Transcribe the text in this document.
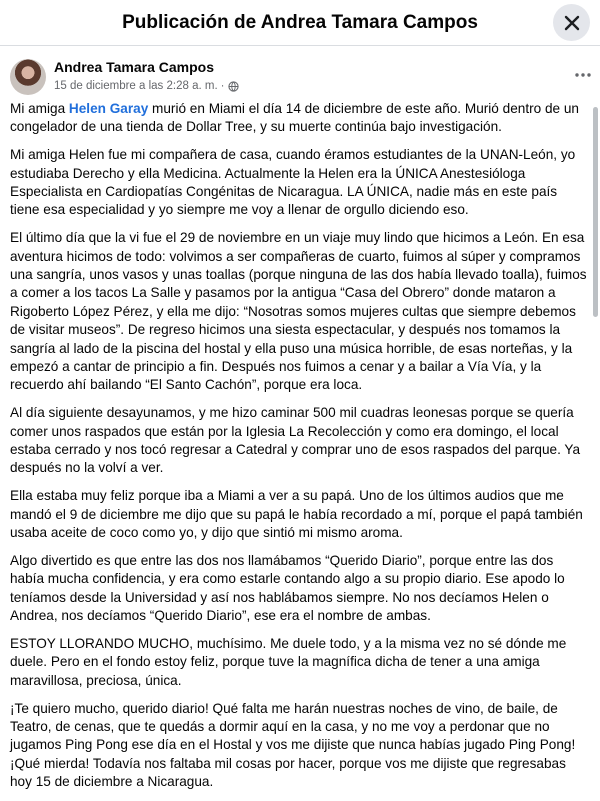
Publicación de Andrea Tamara Campos
Andrea Tamara Campos
15 de diciembre a las 2:28 a. m. ·

Mi amiga Helen Garay murió en Miami el día 14 de diciembre de este año. Murió dentro de un congelador de una tienda de Dollar Tree, y su muerte continúa bajo investigación.

Mi amiga Helen fue mi compañera de casa, cuando éramos estudiantes de la UNAN-León, yo estudiaba Derecho y ella Medicina. Actualmente la Helen era la ÚNICA Anestesióloga Especialista en Cardiopatías Congénitas de Nicaragua. LA ÚNICA, nadie más en este país tiene esa especialidad y yo siempre me voy a llenar de orgullo diciendo eso.

El último día que la vi fue el 29 de noviembre en un viaje muy lindo que hicimos a León. En esa aventura hicimos de todo: volvimos a ser compañeras de cuarto, fuimos al súper y compramos una sangría, unos vasos y unas toallas (porque ninguna de las dos había llevado toalla), fuimos a comer a los tacos La Salle y pasamos por la antigua “Casa del Obrero” donde mataron a Rigoberto López Pérez, y ella me dijo: “Nosotras somos mujeres cultas que siempre debemos de visitar museos”. De regreso hicimos una siesta espectacular, y después nos tomamos la sangría al lado de la piscina del hostal y ella puso una música horrible, de esas norteñas, y la empezó a cantar de principio a fin. Después nos fuimos a cenar y a bailar a Vía Vía, y la recuerdo ahí bailando “El Santo Cachón”, porque era loca.

Al día siguiente desayunamos, y me hizo caminar 500 mil cuadras leonesas porque se quería comer unos raspados que están por la Iglesia La Recolección y como era domingo, el local estaba cerrado y nos tocó regresar a Catedral y comprar uno de esos raspados del parque. Ya después no la volví a ver.

Ella estaba muy feliz porque iba a Miami a ver a su papá. Uno de los últimos audios que me mandó el 9 de diciembre me dijo que su papá le había recordado a mí, porque el papá también usaba aceite de coco como yo, y dijo que sintió mi mismo aroma.

Algo divertido es que entre las dos nos llamábamos “Querido Diario”, porque entre las dos había mucha confidencia, y era como estarle contando algo a su propio diario. Ese apodo lo teníamos desde la Universidad y así nos hablábamos siempre. No nos decíamos Helen o Andrea, nos decíamos “Querido Diario”, ese era el nombre de ambas.

ESTOY LLORANDO MUCHO, muchísimo. Me duele todo, y a la misma vez no sé dónde me duele. Pero en el fondo estoy feliz, porque tuve la magnífica dicha de tener a una amiga maravillosa, preciosa, única.

¡Te quiero mucho, querido diario! Qué falta me harán nuestras noches de vino, de baile, de Teatro, de cenas, que te quedás a dormir aquí en la casa, y no me voy a perdonar que no jugamos Ping Pong ese día en el Hostal y vos me dijiste que nunca habías jugado Ping Pong! ¡Qué mierda! Todavía nos faltaba mil cosas por hacer, porque vos me dijiste que regresabas hoy 15 de diciembre a Nicaragua.
